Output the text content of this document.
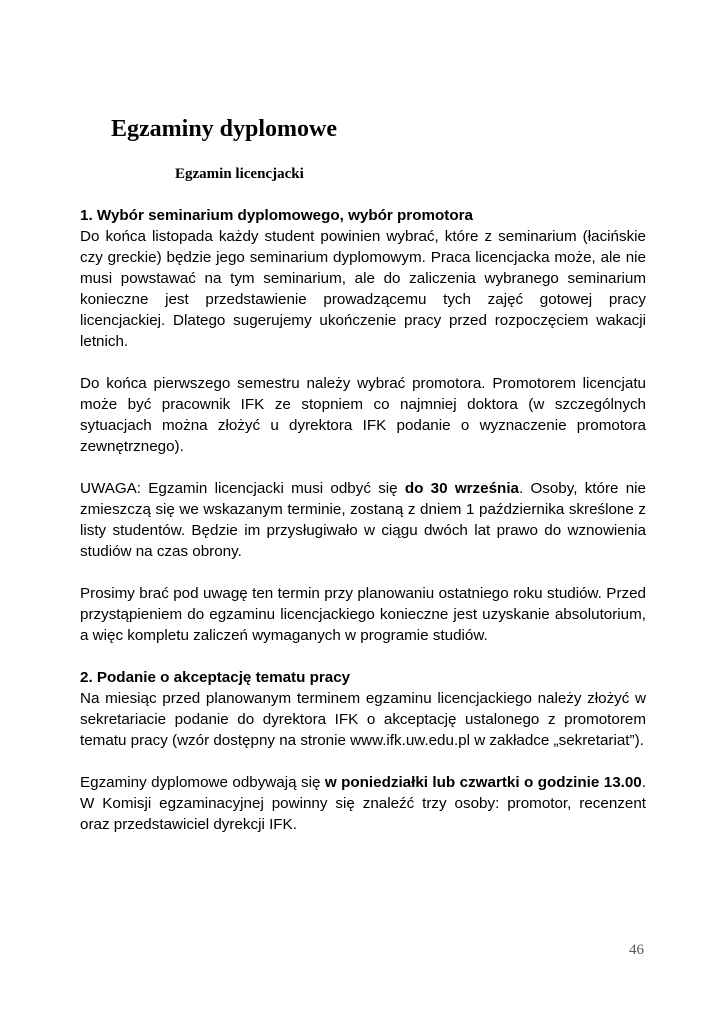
Egzaminy dyplomowe
Egzamin licencjacki

1. Wybór seminarium dyplomowego, wybór promotora
Do końca listopada każdy student powinien wybrać, które z seminarium (łacińskie czy greckie) będzie jego seminarium dyplomowym. Praca licencjacka może, ale nie musi powstawać na tym seminarium, ale do zaliczenia wybranego seminarium konieczne jest przedstawienie prowadzącemu tych zajęć gotowej pracy licencjackiej. Dlatego sugerujemy ukończenie pracy przed rozpoczęciem wakacji letnich.

Do końca pierwszego semestru należy wybrać promotora. Promotorem licencjatu może być pracownik IFK ze stopniem co najmniej doktora (w szczególnych sytuacjach można złożyć u dyrektora IFK podanie o wyznaczenie promotora zewnętrznego).

UWAGA: Egzamin licencjacki musi odbyć się do 30 września. Osoby, które nie zmieszczą się we wskazanym terminie, zostaną z dniem 1 października skreślone z listy studentów. Będzie im przysługiwało w ciągu dwóch lat prawo do wznowienia studiów na czas obrony.

Prosimy brać pod uwagę ten termin przy planowaniu ostatniego roku studiów. Przed przystąpieniem do egzaminu licencjackiego konieczne jest uzyskanie absolutorium, a więc kompletu zaliczeń wymaganych w programie studiów.

2. Podanie o akceptację tematu pracy
Na miesiąc przed planowanym terminem egzaminu licencjackiego należy złożyć w sekretariacie podanie do dyrektora IFK o akceptację ustalonego z promotorem tematu pracy (wzór dostępny na stronie www.ifk.uw.edu.pl w zakładce „sekretariat”).

Egzaminy dyplomowe odbywają się w poniedziałki lub czwartki o godzinie 13.00. W Komisji egzaminacyjnej powinny się znaleźć trzy osoby: promotor, recenzent oraz przedstawiciel dyrekcji IFK.

46
